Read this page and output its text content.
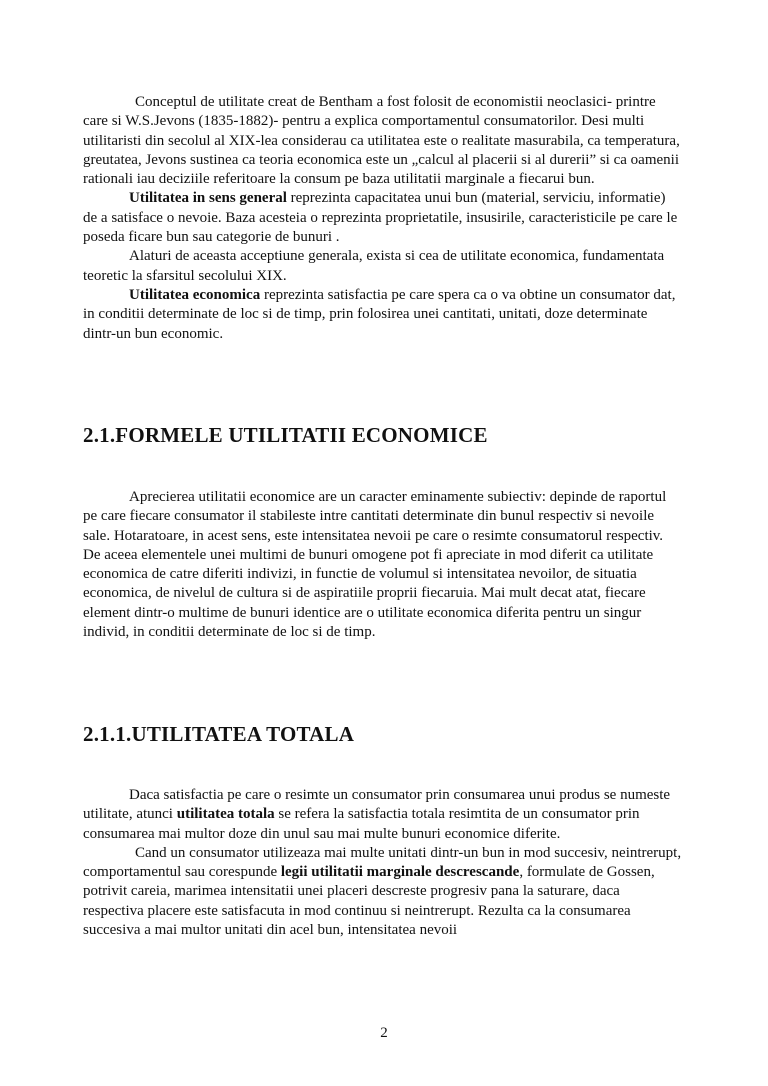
Conceptul de utilitate creat de Bentham a fost folosit de economistii neoclasici- printre care si W.S.Jevons (1835-1882)- pentru a explica comportamentul consumatorilor. Desi multi utilitaristi din secolul al XIX-lea considerau ca utilitatea este o realitate masurabila, ca temperatura, greutatea, Jevons sustinea ca teoria economica este un „calcul al placerii si al durerii” si ca oamenii rationali iau deciziile referitoare la consum pe baza utilitatii marginale a fiecarui bun.

Utilitatea in sens general reprezinta capacitatea unui bun (material, serviciu, informatie) de a satisface o nevoie. Baza acesteia o reprezinta proprietatile, insusirile, caracteristicile pe care le poseda ficare bun sau categorie de bunuri .

Alaturi de aceasta acceptiune generala, exista si cea de utilitate economica, fundamentata teoretic la sfarsitul secolului XIX.

Utilitatea economica reprezinta satisfactia pe care spera ca o va obtine un consumator dat, in conditii determinate de loc si de timp, prin folosirea unei cantitati, unitati, doze determinate dintr-un bun economic.

2.1.FORMELE UTILITATII ECONOMICE

Aprecierea utilitatii economice are un caracter eminamente subiectiv: depinde de raportul pe care fiecare consumator il stabileste intre cantitati determinate din bunul respectiv si nevoile sale. Hotaratoare, in acest sens, este intensitatea nevoii pe care o resimte consumatorul respectiv. De aceea elementele unei multimi de bunuri omogene pot fi apreciate in mod diferit ca utilitate economica de catre diferiti indivizi, in functie de volumul si intensitatea nevoilor, de situatia economica, de nivelul de cultura si de aspiratiile proprii fiecaruia. Mai mult decat atat, fiecare element dintr-o multime de bunuri identice are o utilitate economica diferita pentru un singur individ, in conditii determinate de loc si de timp.

2.1.1.UTILITATEA TOTALA

Daca satisfactia pe care o resimte un consumator prin consumarea unui produs se numeste utilitate, atunci utilitatea totala se refera la satisfactia totala resimtita de un consumator prin consumarea mai multor doze din unul sau mai multe bunuri economice diferite.

Cand un consumator utilizeaza mai multe unitati dintr-un bun in mod succesiv, neintrerupt, comportamentul sau corespunde legii utilitatii marginale descrescande, formulate de Gossen, potrivit careia, marimea intensitatii unei placeri descreste progresiv pana la saturare, daca respectiva placere este satisfacuta in mod continuu si neintrerupt. Rezulta ca la consumarea succesiva a mai multor unitati din acel bun, intensitatea nevoii

2
